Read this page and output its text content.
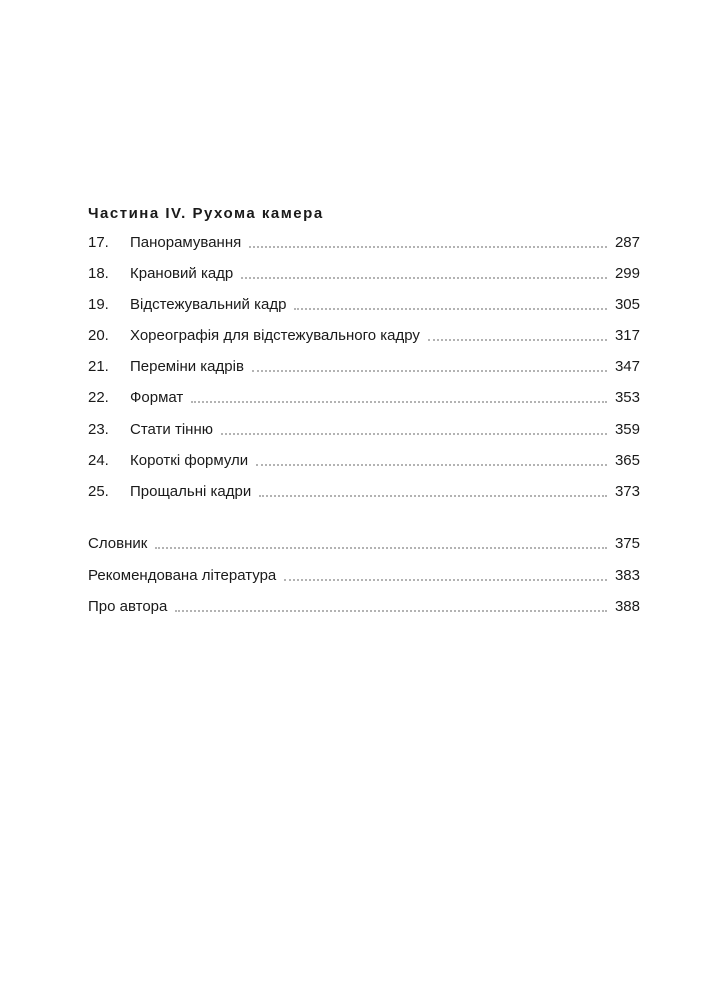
Частина IV. Рухома камера
17.	Панорамування	287
18.	Крановий кадр	299
19.	Відстежувальний кадр	305
20.	Хореографія для відстежувального кадру	317
21.	Переміни кадрів	347
22.	Формат	353
23.	Стати тінню	359
24.	Короткі формули	365
25.	Прощальні кадри	373
Словник	375
Рекомендована література	383
Про автора	388
